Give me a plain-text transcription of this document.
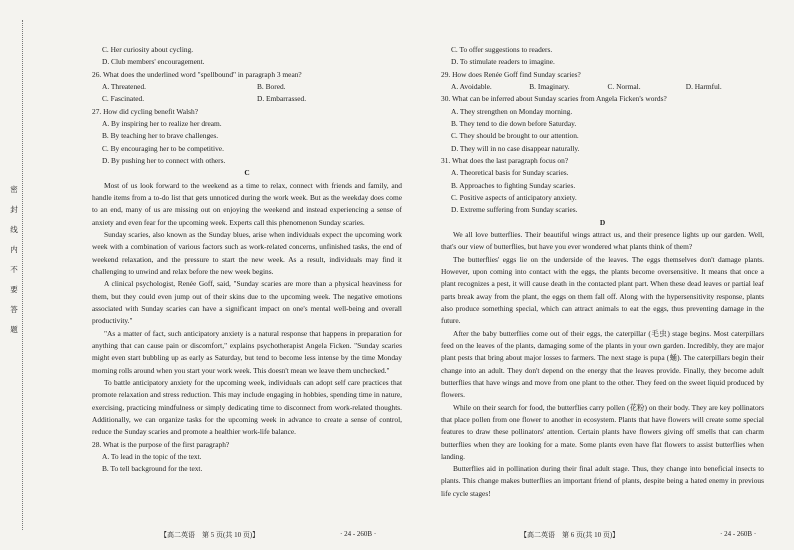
密
封
线
内
不
要
答
题
C. Her curiosity about cycling.
D. Club members' encouragement.
26. What does the underlined word "spellbound" in paragraph 3 mean?
A. Threatened.	B. Bored.
C. Fascinated.	D. Embarrassed.
27. How did cycling benefit Walsh?
A. By inspiring her to realize her dream.
B. By teaching her to brave challenges.
C. By encouraging her to be competitive.
D. By pushing her to connect with others.
C
Most of us look forward to the weekend as a time to relax, connect with friends and family, and handle items from a to-do list that gets unnoticed during the work week. But as the weekday does come to an end, many of us are missing out on enjoying the weekend and instead experiencing a sense of anxiety and even fear for the upcoming week. Experts call this phenomenon Sunday scaries.
Sunday scaries, also known as the Sunday blues, arise when individuals expect the upcoming work week with a combination of various factors such as work-related concerns, unfinished tasks, the end of weekend relaxation, and the pressure to start the new week. As a result, individuals may find it challenging to unwind and relax before the new week begins.
A clinical psychologist, Renée Goff, said, "Sunday scaries are more than a physical heaviness for them, but they could even jump out of their skins due to the upcoming week. The negative emotions associated with Sunday scaries can have a significant impact on one's mental well-being and overall productivity."
"As a matter of fact, such anticipatory anxiety is a natural response that happens in preparation for anything that can cause pain or discomfort," explains psychotherapist Angela Ficken. "Sunday scaries might even start bubbling up as early as Saturday, but tend to become less intense by the time Monday morning rolls around when you start your work week. This doesn't mean we leave them unchecked."
To battle anticipatory anxiety for the upcoming week, individuals can adopt self care practices that promote relaxation and stress reduction. This may include engaging in hobbies, spending time in nature, exercising, practicing mindfulness or simply dedicating time to disconnect from work-related thoughts. Additionally, we can organize tasks for the upcoming week in advance to create a sense of control, reduce the Sunday scaries and promote a healthier work-life balance.
28. What is the purpose of the first paragraph?
A. To lead in the topic of the text.
B. To tell background for the text.
C. To offer suggestions to readers.
D. To stimulate readers to imagine.
29. How does Renée Goff find Sunday scaries?
A. Avoidable.	B. Imaginary.	C. Normal.	D. Harmful.
30. What can be inferred about Sunday scaries from Angela Ficken's words?
A. They strengthen on Monday morning.
B. They tend to die down before Saturday.
C. They should be brought to our attention.
D. They will in no case disappear naturally.
31. What does the last paragraph focus on?
A. Theoretical basis for Sunday scaries.
B. Approaches to fighting Sunday scaries.
C. Positive aspects of anticipatory anxiety.
D. Extreme suffering from Sunday scaries.
D
We all love butterflies. Their beautiful wings attract us, and their presence lights up our garden. Well, that's our view of butterflies, but have you ever wondered what plants think of them?
The butterflies' eggs lie on the underside of the leaves. The eggs themselves don't damage plants. However, upon coming into contact with the eggs, the plants become oversensitive. It means that once a plant recognizes a pest, it will cause death in the contacted plant part. When these dead leaves or partial leaf parts break away from the plant, the eggs on them fall off. Along with the hypersensitivity response, plants also produce something special, which can attract animals to eat the eggs, thus preventing damage in the future.
After the baby butterflies come out of their eggs, the caterpillar (毛虫) stage begins. Most caterpillars feed on the leaves of the plants, damaging some of the plants in your own garden. Incredibly, they are major plant pests that bring about major losses to farmers. The next stage is pupa (蛹). The caterpillars begin their change into an adult. They don't depend on the energy that the leaves provide. Finally, they become adult butterflies that have wings and move from one plant to the other. They feed on the sweet liquid produced by flowers.
While on their search for food, the butterflies carry pollen (花粉) on their body. They are key pollinators that place pollen from one flower to another in ecosystem. Plants that have flowers will create some special features to draw these pollinators' attention. Certain plants have flowers giving off smells that can charm butterflies when they are looking for a mate. Some plants even have flat flowers to assist butterflies when landing.
Butterflies aid in pollination during their final adult stage. Thus, they change into beneficial insects to plants. This change makes butterflies an important friend of plants, despite being a hated enemy in previous life cycle stages!
【高二英语　第 5 页(共 10 页)】	· 24 - 260B ·	【高二英语　第 6 页(共 10 页)】	· 24 - 260B ·
